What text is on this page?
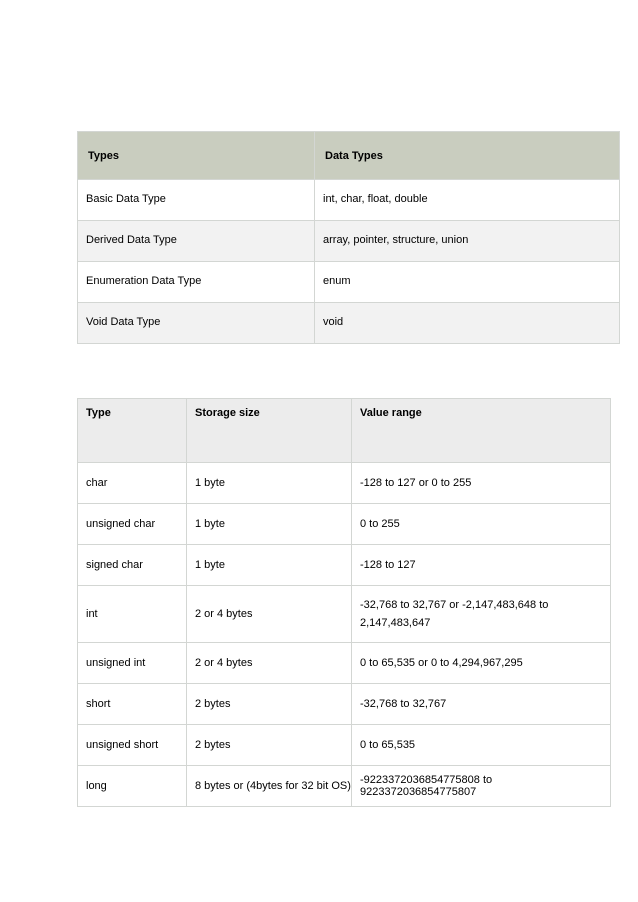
Types	Data Types
Basic Data Type	int, char, float, double
Derived Data Type	array, pointer, structure, union
Enumeration Data Type	enum
Void Data Type	void
Type	Storage size	Value range
char	1 byte	-128 to 127 or 0 to 255
unsigned char	1 byte	0 to 255
signed char	1 byte	-128 to 127
int	2 or 4 bytes	-32,768 to 32,767 or -2,147,483,648 to 2,147,483,647
unsigned int	2 or 4 bytes	0 to 65,535 or 0 to 4,294,967,295
short	2 bytes	-32,768 to 32,767
unsigned short	2 bytes	0 to 65,535
long	8 bytes or (4bytes for 32 bit OS)	-9223372036854775808 to 9223372036854775807
